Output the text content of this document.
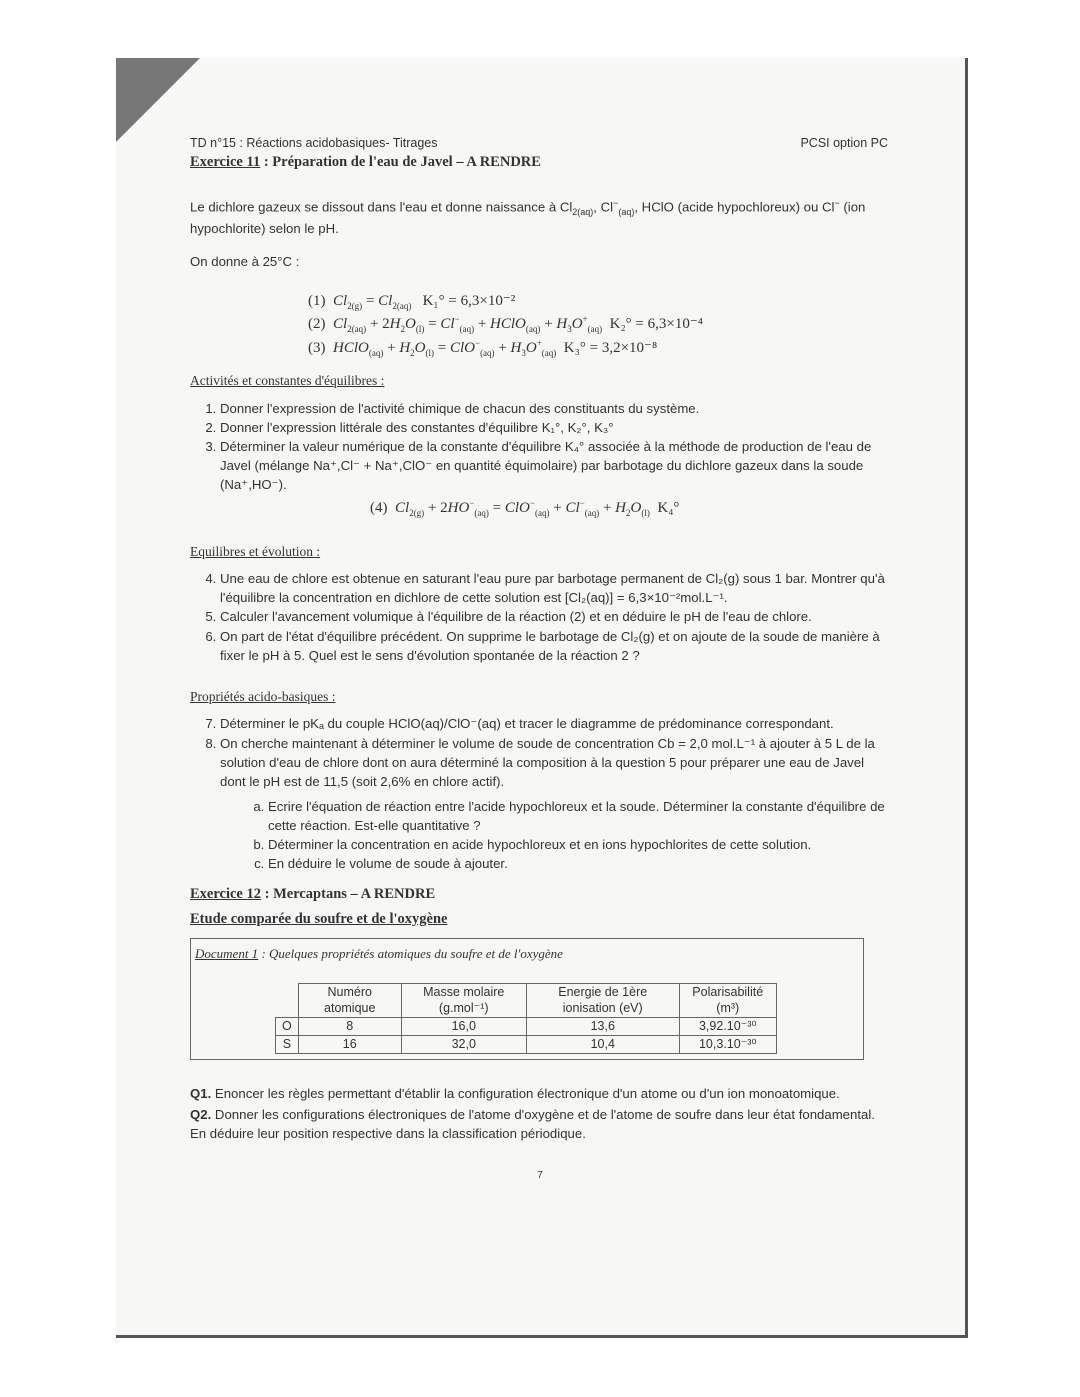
TD n°15 : Réactions acidobasiques- Titrages	PCSI option PC
Exercice 11 : Préparation de l'eau de Javel – A RENDRE

Le dichlore gazeux se dissout dans l'eau et donne naissance à $Cl_{2(aq)}$, $Cl^-_{(aq)}$, HClO (acide hypochloreux) ou Cl− (ion hypochlorite) selon le pH.

On donne à 25°C :

(1)  $Cl_{2(g)} = Cl_{2(aq)}$ K₁° = 6,3×10⁻²
(2)  $Cl_{2(aq)} + 2H_2O_{(l)} = Cl^-_{(aq)}$ + HClO$_{(aq)}$ + $H_3O^+_{(aq)}$ K₂° = 6,3×10⁻⁴
(3)  HClO$_{(aq)}$ + $H_2O_{(l)} = ClO^-_{(aq)} + H_3O^+_{(aq)}$ K₃° = 3,2×10⁻⁸
Activités et constantes d'équilibres :
1. Donner l'expression de l'activité chimique de chacun des constituants du système.
2. Donner l'expression littérale des constantes d'équilibre K₁°, K₂°, K₃°
3. Déterminer la valeur numérique de la constante d'équilibre K₄° associée à la méthode de production de l'eau de Javel (mélange Na⁺,Cl⁻ + Na⁺,ClO⁻ en quantité équimolaire) par barbotage du dichlore gazeux dans la soude (Na⁺,HO⁻).
(4)  $Cl_{2(g)} + 2HO^-_{(aq)} = ClO^-_{(aq)} + Cl^-_{(aq)} + H_2O_{(l)}$ K₄°
Equilibres et évolution :
4. Une eau de chlore est obtenue en saturant l'eau pure par barbotage permanent de Cl₂(g) sous 1 bar. Montrer qu'à l'équilibre la concentration en dichlore de cette solution est [Cl₂(aq)] = 6,3×10⁻²mol.L⁻¹.
5. Calculer l'avancement volumique à l'équilibre de la réaction (2) et en déduire le pH de l'eau de chlore.
6. On part de l'état d'équilibre précédent. On supprime le barbotage de Cl₂(g) et on ajoute de la soude de manière à fixer le pH à 5. Quel est le sens d'évolution spontanée de la réaction 2 ?
Propriétés acido-basiques :
7. Déterminer le pKₐ du couple HClO(aq)/ClO⁻(aq) et tracer le diagramme de prédominance correspondant.
8. On cherche maintenant à déterminer le volume de soude de concentration Cb = 2,0 mol.L⁻¹ à ajouter à 5 L de la solution d'eau de chlore dont on aura déterminé la composition à la question 5 pour préparer une eau de Javel dont le pH est de 11,5 (soit 2,6% en chlore actif).
a. Ecrire l'équation de réaction entre l'acide hypochloreux et la soude. Déterminer la constante d'équilibre de cette réaction. Est-elle quantitative ?
b. Déterminer la concentration en acide hypochloreux et en ions hypochlorites de cette solution.
c. En déduire le volume de soude à ajouter.
Exercice 12 : Mercaptans – A RENDRE
Etude comparée du soufre et de l'oxygène
Document 1 : Quelques propriétés atomiques du soufre et de l'oxygène
	Numéro atomique	Masse molaire (g.mol⁻¹)	Energie de 1ère ionisation (eV)	Polarisabilité (m³)
O	8	16,0	13,6	3,92.10⁻³⁰
S	16	32,0	10,4	10,3.10⁻³⁰

Q1. Enoncer les règles permettant d'établir la configuration électronique d'un atome ou d'un ion monoatomique.

Q2. Donner les configurations électroniques de l'atome d'oxygène et de l'atome de soufre dans leur état fondamental. En déduire leur position respective dans la classification périodique.

7
